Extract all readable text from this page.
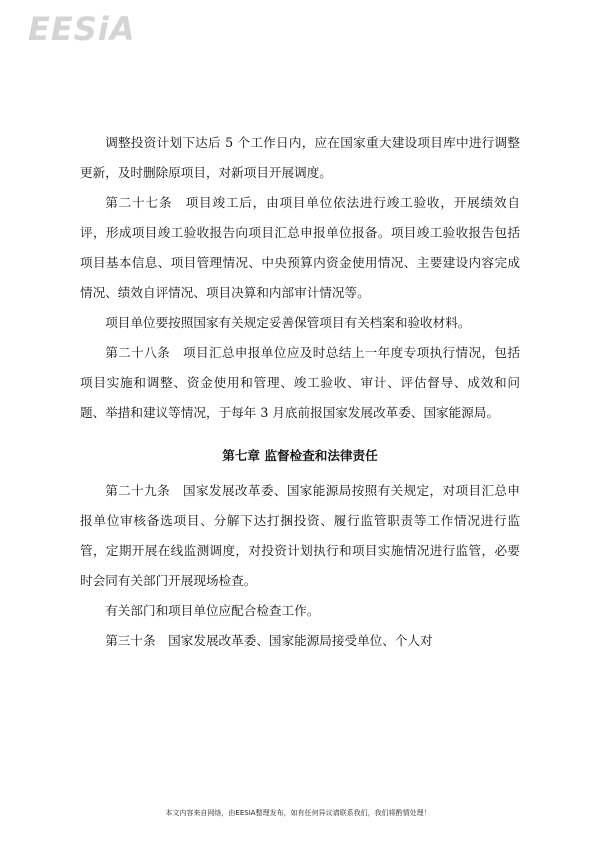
EESiA

调整投资计划下达后 5 个工作日内，应在国家重大建设项目库中进行调整更新，及时删除原项目，对新项目开展调度。

第二十七条　项目竣工后，由项目单位依法进行竣工验收，开展绩效自评，形成项目竣工验收报告向项目汇总申报单位报备。项目竣工验收报告包括项目基本信息、项目管理情况、中央预算内资金使用情况、主要建设内容完成情况、绩效自评情况、项目决算和内部审计情况等。

项目单位要按照国家有关规定妥善保管项目有关档案和验收材料。

第二十八条　项目汇总申报单位应及时总结上一年度专项执行情况，包括项目实施和调整、资金使用和管理、竣工验收、审计、评估督导、成效和问题、举措和建议等情况，于每年 3 月底前报国家发展改革委、国家能源局。

第七章 监督检查和法律责任

第二十九条　国家发展改革委、国家能源局按照有关规定，对项目汇总申报单位审核备选项目、分解下达打捆投资、履行监管职责等工作情况进行监管，定期开展在线监测调度，对投资计划执行和项目实施情况进行监管，必要时会同有关部门开展现场检查。

有关部门和项目单位应配合检查工作。

第三十条　国家发展改革委、国家能源局接受单位、个人对

本文内容来自网络，由EESIA整理发布，如有任何异议请联系我们，我们将酌情处理！
